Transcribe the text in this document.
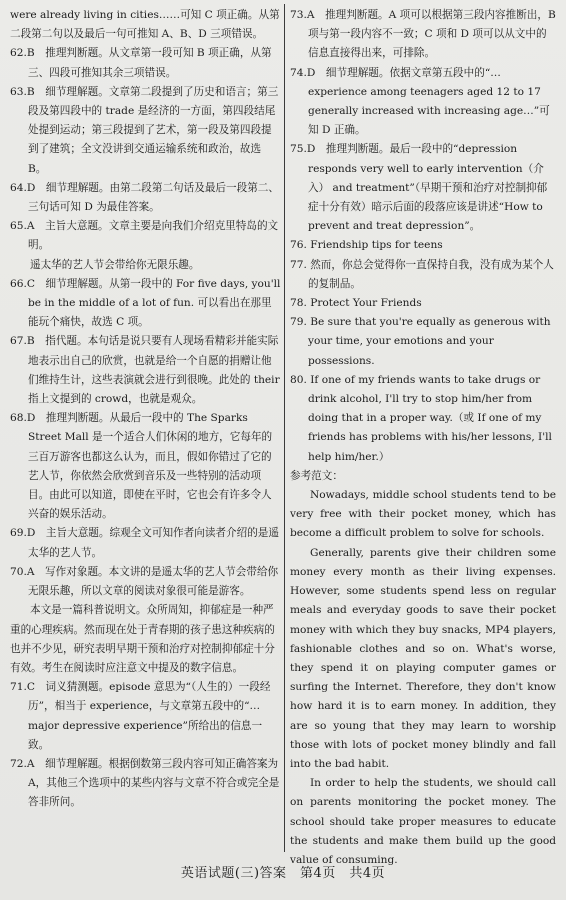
were already living in cities……可知 C 项正确。从第二段第二句以及最后一句可推知 A、B、D 三项错误。

62.B　推理判断题。从文章第一段可知 B 项正确，从第三、四段可推知其余三项错误。

63.B　细节理解题。文章第二段提到了历史和语言；第三段及第四段中的 trade 是经济的一方面，第四段结尾处提到运动；第三段提到了艺术，第一段及第四段提到了建筑；全文没讲到交通运输系统和政治，故选 B。

64.D　细节理解题。由第二段第二句话及最后一段第二、三句话可知 D 为最佳答案。

65.A　主旨大意题。文章主要是向我们介绍克里特岛的文明。

遥太华的艺人节会带给你无限乐趣。

66.C　细节理解题。从第一段中的 For five days, you'll be in the middle of a lot of fun. 可以看出在那里能玩个痛快，故选 C 项。

67.B　指代题。本句话是说只要有人现场看精彩并能实际地表示出自己的欣赏，也就是给一个自愿的捐赠让他们维持生计，这些表演就会进行到很晚。此处的 their 指上文提到的 crowd，也就是观众。

68.D　推理判断题。从最后一段中的 The Sparks Street Mall 是一个适合人们休闲的地方，它每年的三百万游客也都这么认为，而且，假如你错过了它的艺人节，你依然会欣赏到音乐及一些特别的活动项目。由此可以知道，即使在平时，它也会有许多令人兴奋的娱乐活动。

69.D　主旨大意题。综观全文可知作者向读者介绍的是遥太华的艺人节。

70.A　写作对象题。本文讲的是遥太华的艺人节会带给你无限乐趣，所以文章的阅读对象很可能是游客。

本文是一篇科普说明文。众所周知，抑郁症是一种严重的心理疾病。然而现在处于青春期的孩子患这种疾病的也并不少见，研究表明早期干预和治疗对控制抑郁症十分有效。考生在阅读时应注意文中提及的数字信息。

71.C　词义猜测题。episode 意思为“（人生的）一段经历”，相当于 experience，与文章第五段中的“…major depressive experience”所给出的信息一致。

72.A　细节理解题。根据倒数第三段内容可知正确答案为 A，其他三个选项中的某些内容与文章不符合或完全是答非所问。

73.A　推理判断题。A 项可以根据第三段内容推断出，B 项与第一段内容不一致；C 项和 D 项可以从文中的信息直接得出来，可排除。

74.D　细节理解题。依据文章第五段中的“…experience among teenagers aged 12 to 17 generally increased with increasing age…”可知 D 正确。

75.D　推理判断题。最后一段中的“depression responds very well to early intervention（介入） and treatment”（早期干预和治疗对控制抑郁症十分有效）暗示后面的段落应该是讲述“How to prevent and treat depression”。

76. Friendship tips for teens

77. 然而，你总会觉得你一直保持自我，没有成为某个人的复制品。

78. Protect Your Friends

79. Be sure that you're equally as generous with your time, your emotions and your possessions.

80. If one of my friends wants to take drugs or drink alcohol, I'll try to stop him/her from doing that in a proper way.（或 If one of my friends has problems with his/her lessons, I'll help him/her.）

参考范文：

Nowadays, middle school students tend to be very free with their pocket money, which has become a difficult problem to solve for schools.

Generally, parents give their children some money every month as their living expenses. However, some students spend less on regular meals and everyday goods to save their pocket money with which they buy snacks, MP4 players, fashionable clothes and so on. What's worse, they spend it on playing computer games or surfing the Internet. Therefore, they don't know how hard it is to earn money. In addition, they are so young that they may learn to worship those with lots of pocket money blindly and fall into the bad habit.

In order to help the students, we should call on parents monitoring the pocket money. The school should take proper measures to educate the students and make them build up the good value of consuming.

英语试题(三)答案　第4页　共4页
